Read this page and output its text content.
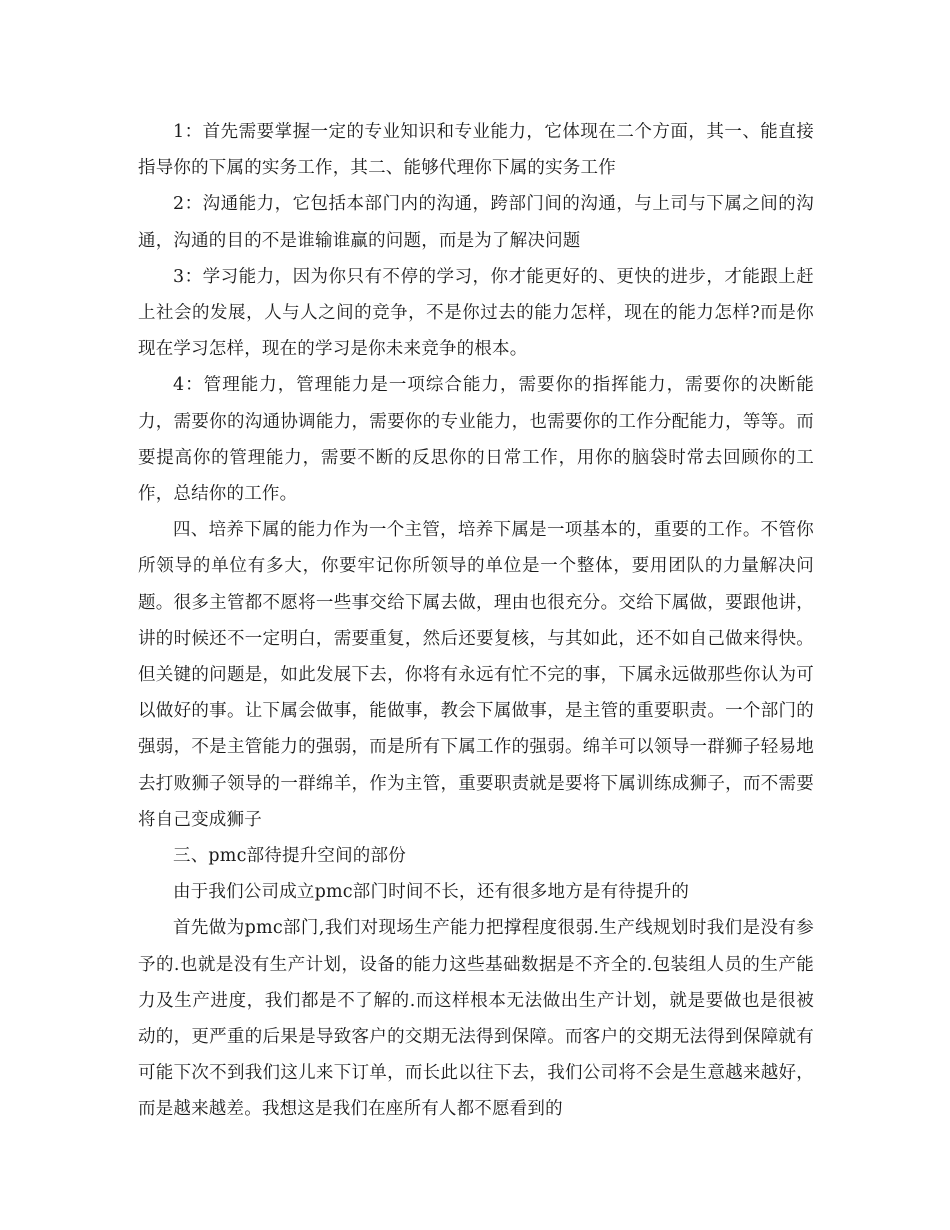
1：首先需要掌握一定的专业知识和专业能力，它体现在二个方面，其一、能直接指导你的下属的实务工作，其二、能够代理你下属的实务工作

2：沟通能力，它包括本部门内的沟通，跨部门间的沟通，与上司与下属之间的沟通，沟通的目的不是谁输谁赢的问题，而是为了解决问题

3：学习能力，因为你只有不停的学习，你才能更好的、更快的进步，才能跟上赶上社会的发展，人与人之间的竞争，不是你过去的能力怎样，现在的能力怎样?而是你现在学习怎样，现在的学习是你未来竞争的根本。

4：管理能力，管理能力是一项综合能力，需要你的指挥能力，需要你的决断能力，需要你的沟通协调能力，需要你的专业能力，也需要你的工作分配能力，等等。而要提高你的管理能力，需要不断的反思你的日常工作，用你的脑袋时常去回顾你的工作，总结你的工作。

四、培养下属的能力作为一个主管，培养下属是一项基本的，重要的工作。不管你所领导的单位有多大，你要牢记你所领导的单位是一个整体，要用团队的力量解决问题。很多主管都不愿将一些事交给下属去做，理由也很充分。交给下属做，要跟他讲，讲的时候还不一定明白，需要重复，然后还要复核，与其如此，还不如自己做来得快。但关键的问题是，如此发展下去，你将有永远有忙不完的事，下属永远做那些你认为可以做好的事。让下属会做事，能做事，教会下属做事，是主管的重要职责。一个部门的强弱，不是主管能力的强弱，而是所有下属工作的强弱。绵羊可以领导一群狮子轻易地去打败狮子领导的一群绵羊，作为主管，重要职责就是要将下属训练成狮子，而不需要将自己变成狮子

三、pmc部待提升空间的部份

由于我们公司成立pmc部门时间不长，还有很多地方是有待提升的

首先做为pmc部门,我们对现场生产能力把撑程度很弱.生产线规划时我们是没有参予的.也就是没有生产计划，设备的能力这些基础数据是不齐全的.包装组人员的生产能力及生产进度，我们都是不了解的.而这样根本无法做出生产计划，就是要做也是很被动的，更严重的后果是导致客户的交期无法得到保障。而客户的交期无法得到保障就有可能下次不到我们这儿来下订单，而长此以往下去，我们公司将不会是生意越来越好，而是越来越差。我想这是我们在座所有人都不愿看到的
